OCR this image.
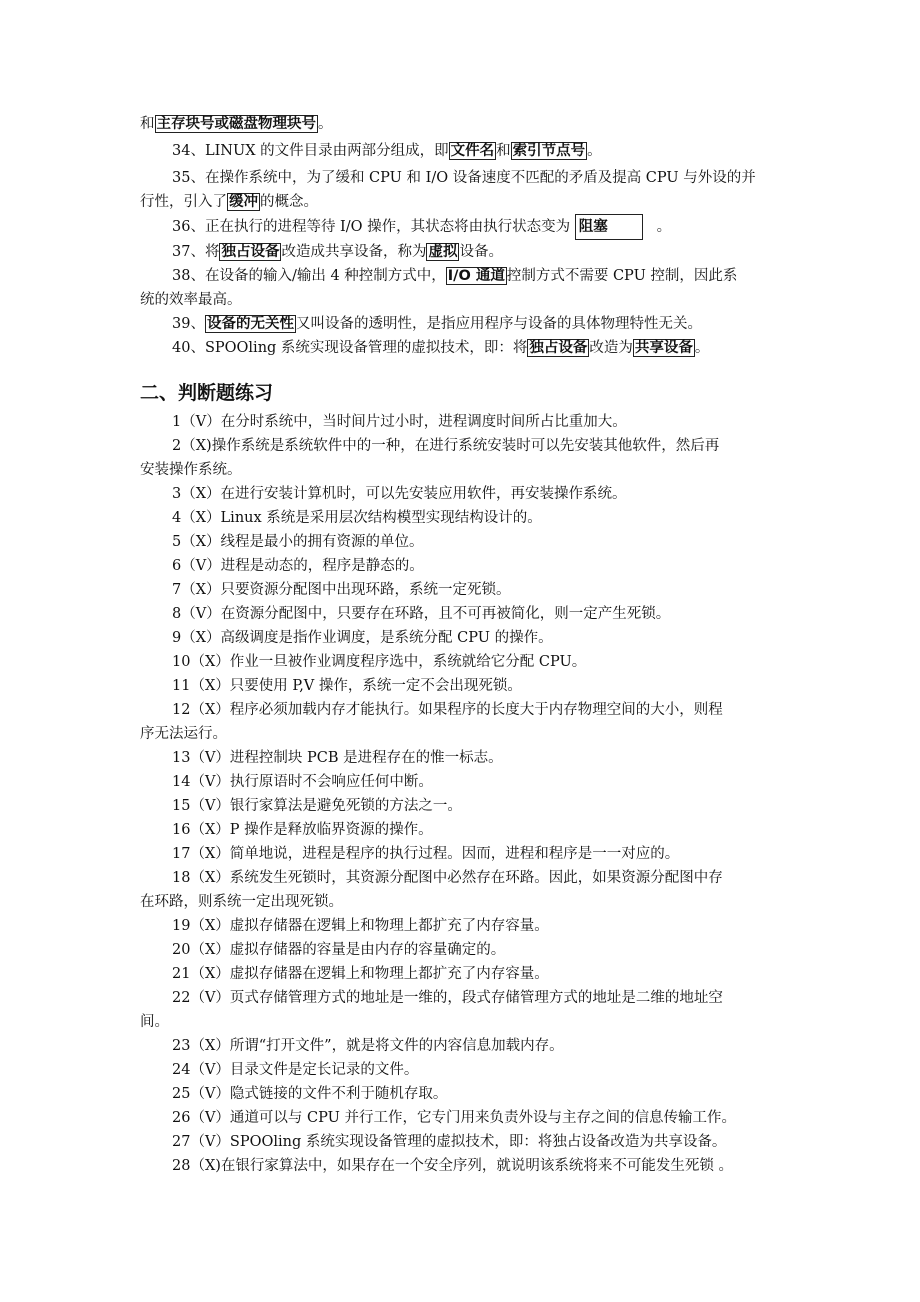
和 主存块号或磁盘物理块号 。

34、LINUX 的文件目录由两部分组成，即 文件名 和 索引节点号 。

35、在操作系统中，为了缓和 CPU 和 I/O 设备速度不匹配的矛盾及提高 CPU 与外设的并

行性，引入了 缓冲 的概念。

36、正在执行的进程等待 I/O 操作，其状态将由执行状态变为 阻塞	。

37、将 独占设备 改造成共享设备，称为 虚拟 设备。

38、在设备的输入/输出 4 种控制方式中， I/O 通道 控制方式不需要 CPU 控制，因此系

统的效率最高。

39、 设备的无关性 又叫设备的透明性，是指应用程序与设备的具体物理特性无关。

40、SPOOling 系统实现设备管理的虚拟技术，即：将 独占设备 改造为 共享设备 。

二、判断题练习

1（V）在分时系统中，当时间片过小时，进程调度时间所占比重加大。

2（X)操作系统是系统软件中的一种，在进行系统安装时可以先安装其他软件，然后再

安装操作系统。

3（X）在进行安装计算机时，可以先安装应用软件，再安装操作系统。

4（X）Linux 系统是采用层次结构模型实现结构设计的。

5（X）线程是最小的拥有资源的单位。

6（V）进程是动态的，程序是静态的。

7（X）只要资源分配图中出现环路，系统一定死锁。

8（V）在资源分配图中，只要存在环路，且不可再被简化，则一定产生死锁。

9（X）高级调度是指作业调度，是系统分配 CPU 的操作。

10（X）作业一旦被作业调度程序选中，系统就给它分配 CPU。

11（X）只要使用 P,V 操作，系统一定不会出现死锁。

12（X）程序必须加载内存才能执行。如果程序的长度大于内存物理空间的大小，则程

序无法运行。

13（V）进程控制块 PCB 是进程存在的惟一标志。

14（V）执行原语时不会响应任何中断。

15（V）银行家算法是避免死锁的方法之一。

16（X）P 操作是释放临界资源的操作。

17（X）简单地说，进程是程序的执行过程。因而，进程和程序是一一对应的。

18（X）系统发生死锁时，其资源分配图中必然存在环路。因此，如果资源分配图中存

在环路，则系统一定出现死锁。

19（X）虚拟存储器在逻辑上和物理上都扩充了内存容量。

20（X）虚拟存储器的容量是由内存的容量确定的。

21（X）虚拟存储器在逻辑上和物理上都扩充了内存容量。

22（V）页式存储管理方式的地址是一维的，段式存储管理方式的地址是二维的地址空

间。

23（X）所谓“打开文件”，就是将文件的内容信息加载内存。

24（V）目录文件是定长记录的文件。

25（V）隐式链接的文件不利于随机存取。

26（V）通道可以与 CPU 并行工作，它专门用来负责外设与主存之间的信息传输工作。

27（V）SPOOling 系统实现设备管理的虚拟技术，即：将独占设备改造为共享设备。

28（X)在银行家算法中，如果存在一个安全序列，就说明该系统将来不可能发生死锁 。
